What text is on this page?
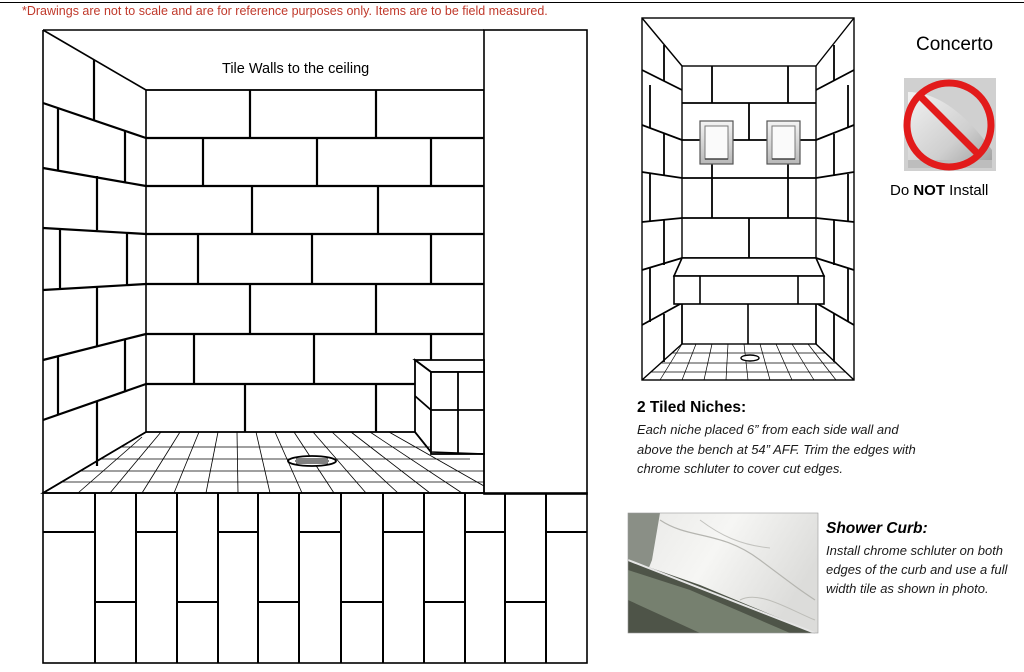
*Drawings are not to scale and are for reference purposes only. Items are to be field measured.
Tile Walls to the ceiling
Concerto
Do NOT Install
2 Tiled Niches:
Each niche placed 6” from each side wall and above the bench at 54” AFF. Trim the edges with chrome schluter to cover cut edges.
Shower Curb:
Install chrome schluter on both edges of the curb and use a full width tile as shown in photo.
